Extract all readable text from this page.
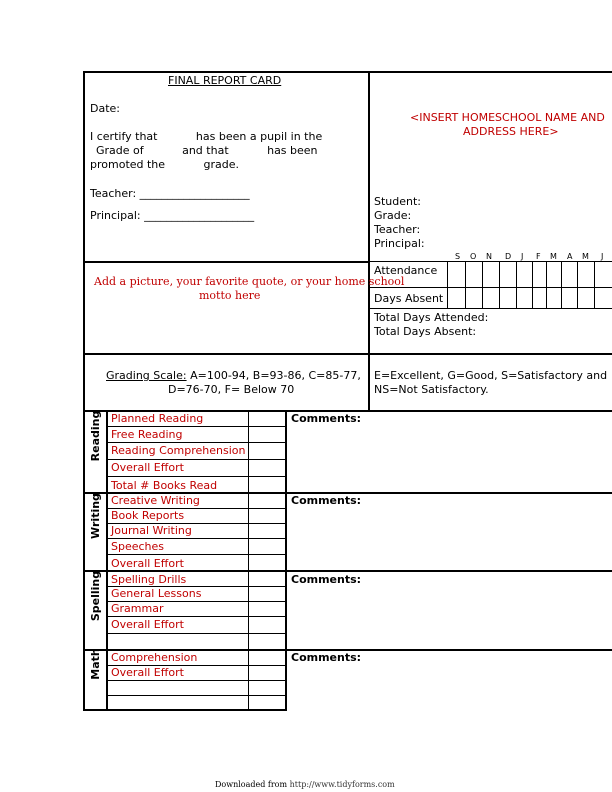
FINAL REPORT CARD
Date:
I certify that           has been a pupil in the
Grade of           and that           has been
promoted the           grade.
Teacher: ____________________
Principal: ____________________
<INSERT HOMESCHOOL NAME AND
ADDRESS HERE>
Student:
Grade:
Teacher:
Principal:
S O N D J F M A M J
Attendance
Days Absent
Total Days Attended:
Total Days Absent:
Add a picture, your favorite quote, or your home school
motto here
Grading Scale: A=100-94, B=93-86, C=85-77,
D=76-70, F= Below 70
E=Excellent, G=Good, S=Satisfactory and
NS=Not Satisfactory.
Reading
Writing
Spelling
Math
Planned Reading
Free Reading
Reading Comprehension
Overall Effort
Total # Books Read
Comments:
Creative Writing
Book Reports
Journal Writing
Speeches
Overall Effort
Comments:
Spelling Drills
General Lessons
Grammar
Overall Effort
Comments:
Comprehension
Overall Effort
Comments:
Downloaded from http://www.tidyforms.com
